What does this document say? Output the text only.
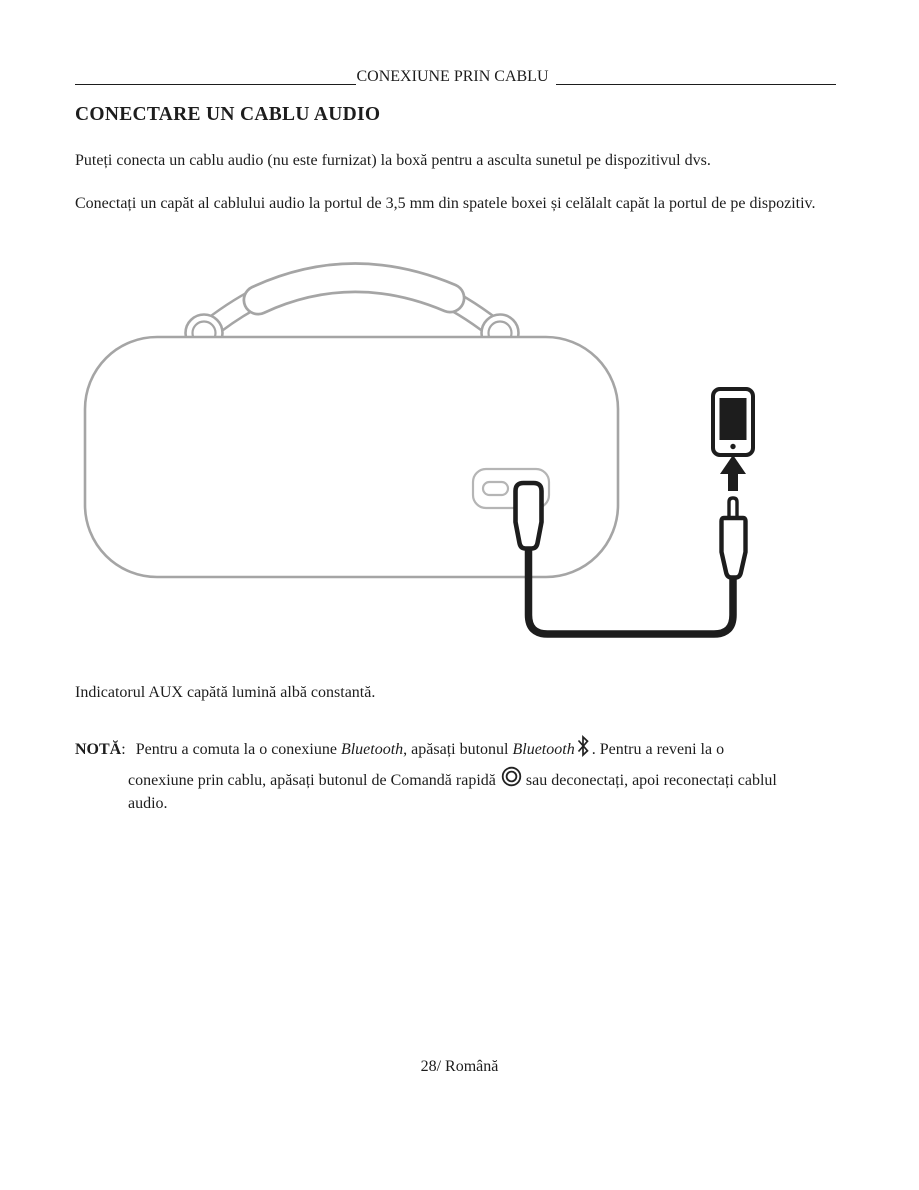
CONEXIUNE PRIN CABLU
CONECTARE UN CABLU AUDIO

Puteți conecta un cablu audio (nu este furnizat) la boxă pentru a asculta sunetul pe dispozitivul dvs.

Conectați un capăt al cablului audio la portul de 3,5 mm din spatele boxei și celălalt capăt la portul de pe dispozitiv.

Indicatorul AUX capătă lumină albă constantă.

NOTĂ: Pentru a comuta la o conexiune Bluetooth, apăsați butonul Bluetooth . Pentru a reveni la o
conexiune prin cablu, apăsați butonul de Comandă rapidă sau deconectați, apoi reconectați cablul
audio.
28/ Română
